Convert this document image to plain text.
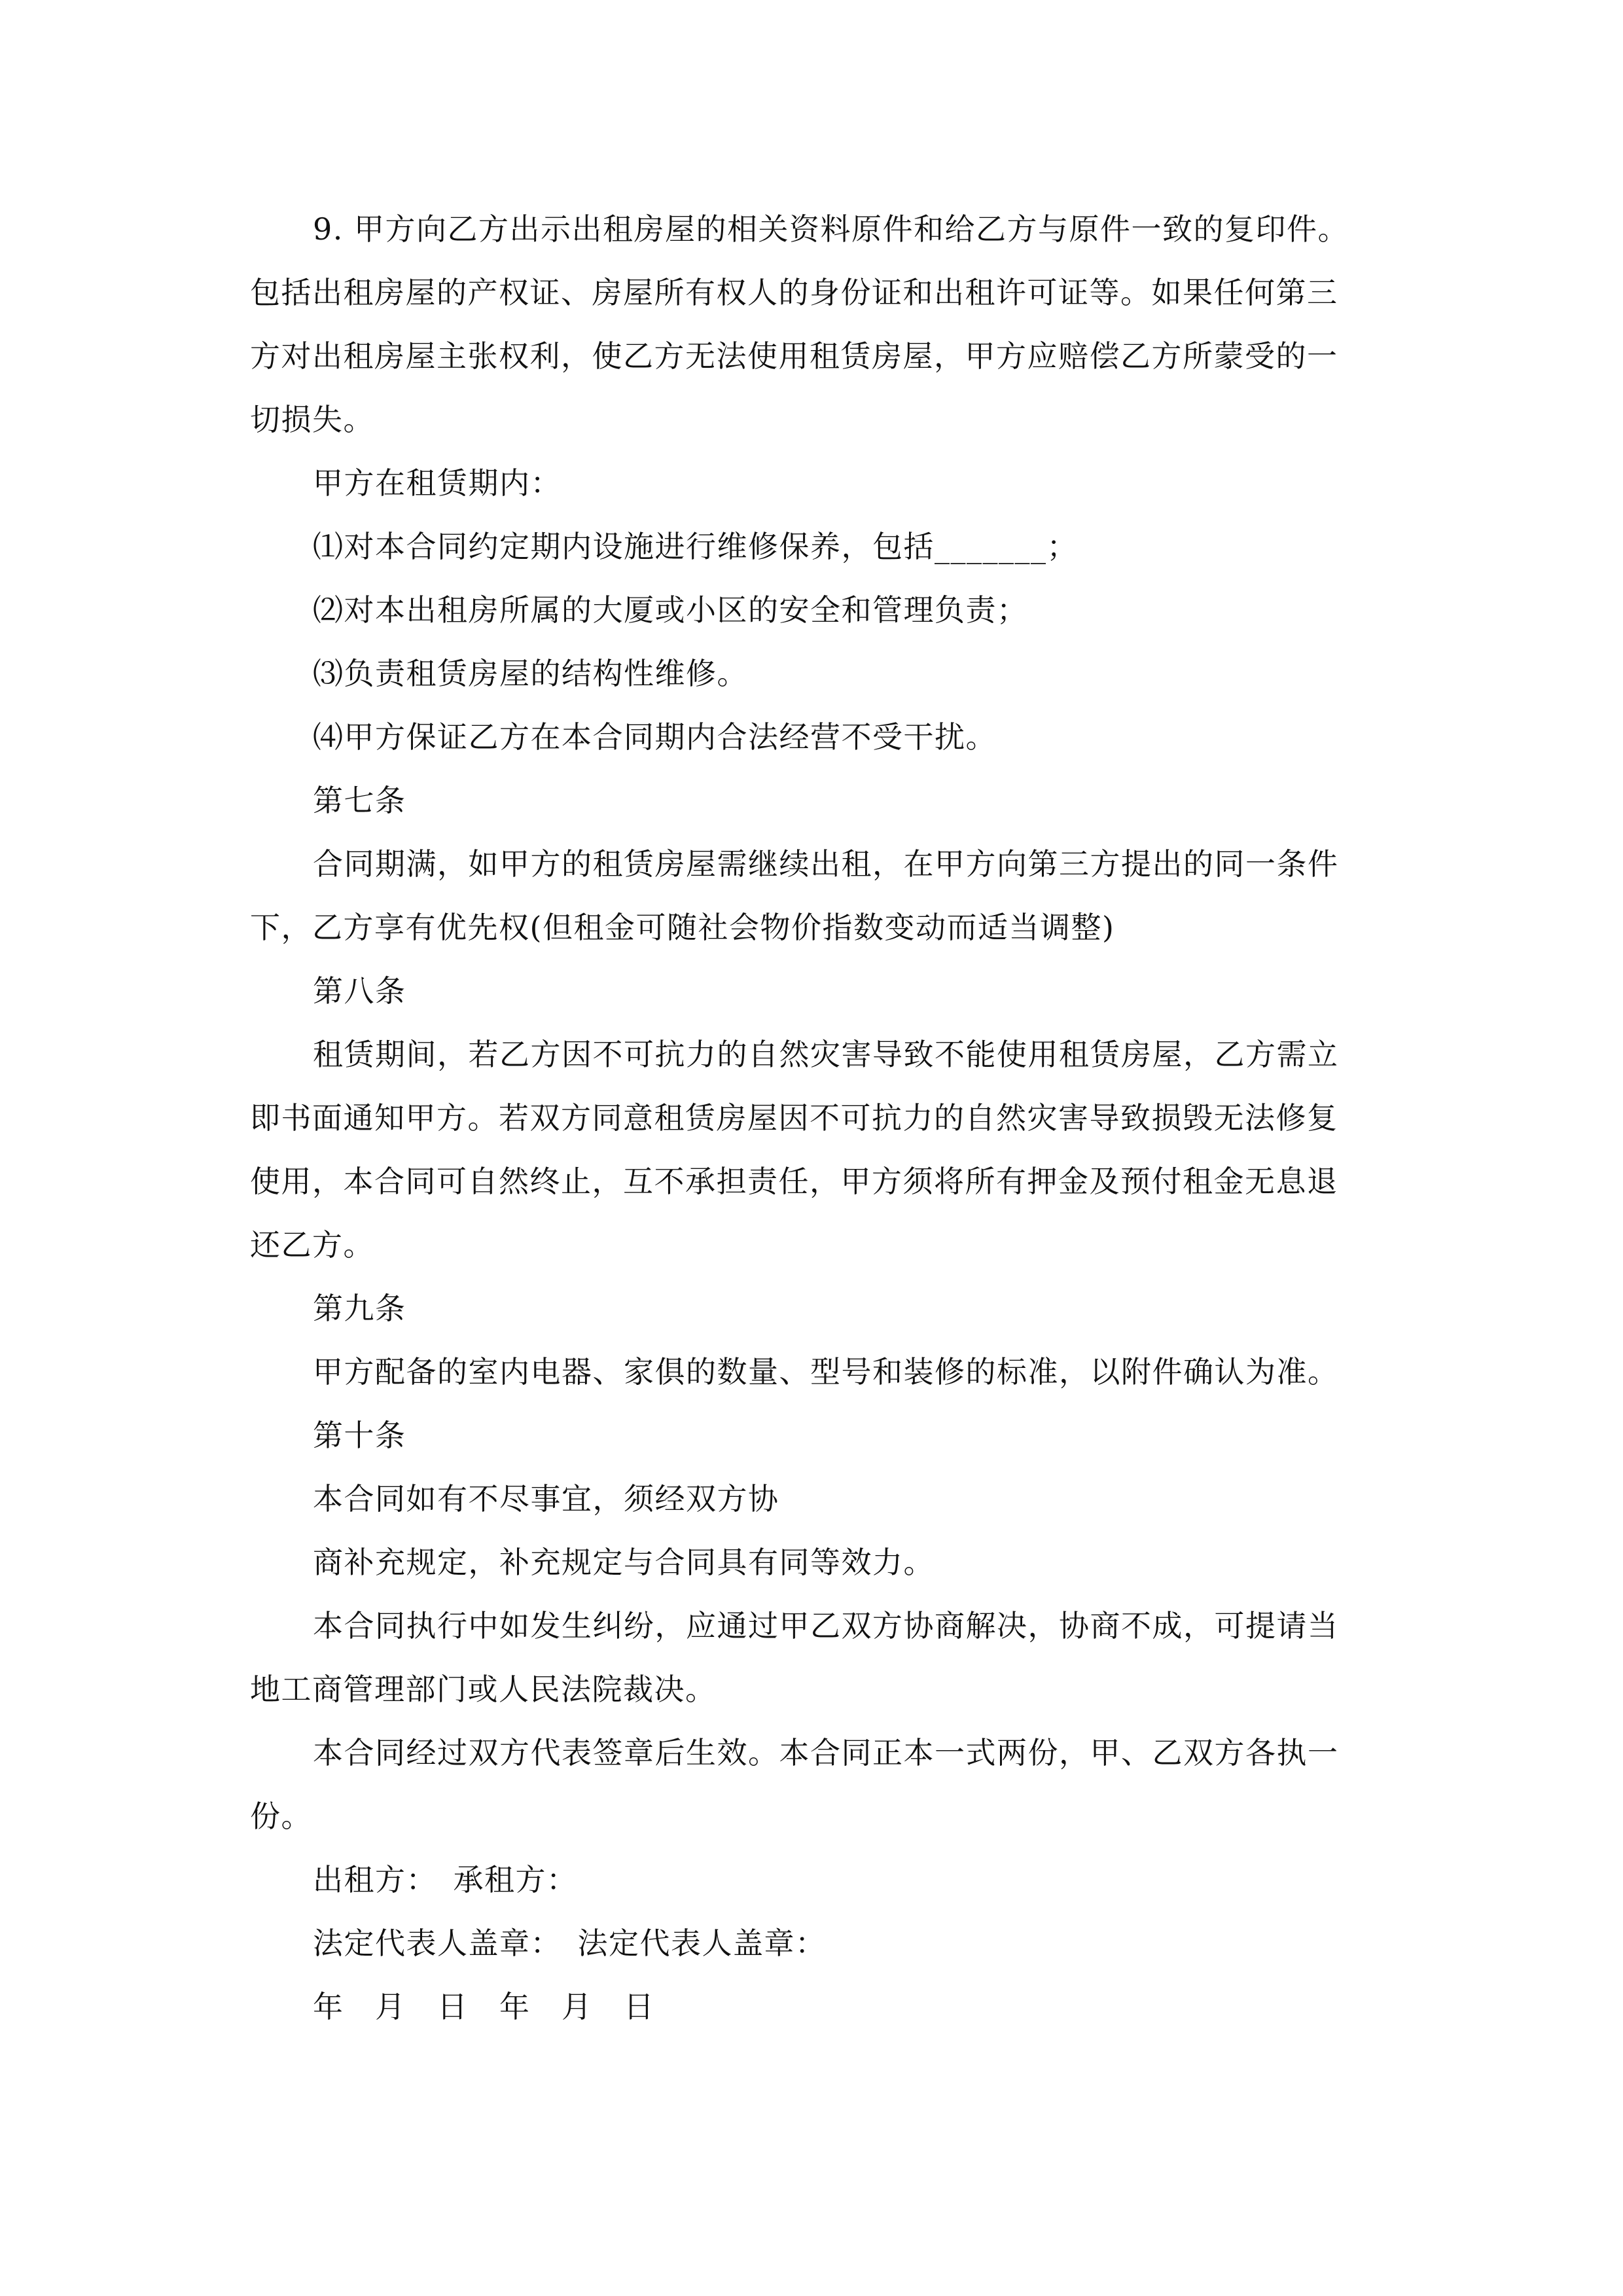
9. 甲方向乙方出示出租房屋的相关资料原件和给乙方与原件一致的复印件。
包括出租房屋的产权证、房屋所有权人的身份证和出租许可证等。如果任何第三
方对出租房屋主张权利，使乙方无法使用租赁房屋，甲方应赔偿乙方所蒙受的一
切损失。
甲方在租赁期内：
⑴对本合同约定期内设施进行维修保养，包括_______；
⑵对本出租房所属的大厦或小区的安全和管理负责；
⑶负责租赁房屋的结构性维修。
⑷甲方保证乙方在本合同期内合法经营不受干扰。
第七条
合同期满，如甲方的租赁房屋需继续出租，在甲方向第三方提出的同一条件
下，乙方享有优先权(但租金可随社会物价指数变动而适当调整)
第八条
租赁期间，若乙方因不可抗力的自然灾害导致不能使用租赁房屋，乙方需立
即书面通知甲方。若双方同意租赁房屋因不可抗力的自然灾害导致损毁无法修复
使用，本合同可自然终止，互不承担责任，甲方须将所有押金及预付租金无息退
还乙方。
第九条
甲方配备的室内电器、家俱的数量、型号和装修的标准，以附件确认为准。
第十条
本合同如有不尽事宜，须经双方协
商补充规定，补充规定与合同具有同等效力。
本合同执行中如发生纠纷，应通过甲乙双方协商解决，协商不成，可提请当
地工商管理部门或人民法院裁决。
本合同经过双方代表签章后生效。本合同正本一式两份，甲、乙双方各执一
份。
出租方：　承租方：
法定代表人盖章：　法定代表人盖章：
年　月　日　年　月　日
